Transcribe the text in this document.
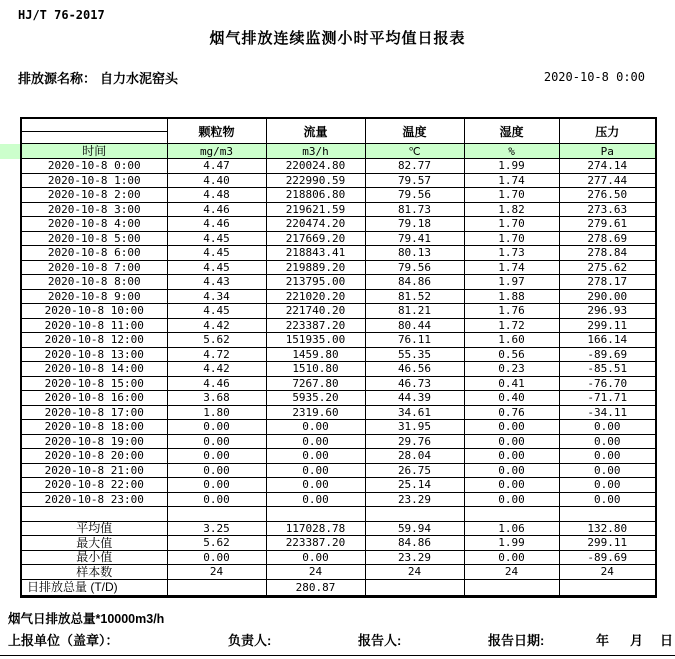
HJ/T 76-2017
烟气排放连续监测小时平均值日报表
排放源名称： 自力水泥窑头	2020-10-8 0:00
	颗粒物	流量	温度	湿度	压力
时间	mg/m3	m3/h	℃	%	Pa
2020-10-8 0:00	4.47	220024.80	82.77	1.99	274.14
2020-10-8 1:00	4.40	222990.59	79.57	1.74	277.44
2020-10-8 2:00	4.48	218806.80	79.56	1.70	276.50
2020-10-8 3:00	4.46	219621.59	81.73	1.82	273.63
2020-10-8 4:00	4.46	220474.20	79.18	1.70	279.61
2020-10-8 5:00	4.45	217669.20	79.41	1.70	278.69
2020-10-8 6:00	4.45	218843.41	80.13	1.73	278.84
2020-10-8 7:00	4.45	219889.20	79.56	1.74	275.62
2020-10-8 8:00	4.43	213795.00	84.86	1.97	278.17
2020-10-8 9:00	4.34	221020.20	81.52	1.88	290.00
2020-10-8 10:00	4.45	221740.20	81.21	1.76	296.93
2020-10-8 11:00	4.42	223387.20	80.44	1.72	299.11
2020-10-8 12:00	5.62	151935.00	76.11	1.60	166.14
2020-10-8 13:00	4.72	1459.80	55.35	0.56	-89.69
2020-10-8 14:00	4.42	1510.80	46.56	0.23	-85.51
2020-10-8 15:00	4.46	7267.80	46.73	0.41	-76.70
2020-10-8 16:00	3.68	5935.20	44.39	0.40	-71.71
2020-10-8 17:00	1.80	2319.60	34.61	0.76	-34.11
2020-10-8 18:00	0.00	0.00	31.95	0.00	0.00
2020-10-8 19:00	0.00	0.00	29.76	0.00	0.00
2020-10-8 20:00	0.00	0.00	28.04	0.00	0.00
2020-10-8 21:00	0.00	0.00	26.75	0.00	0.00
2020-10-8 22:00	0.00	0.00	25.14	0.00	0.00
2020-10-8 23:00	0.00	0.00	23.29	0.00	0.00

平均值	3.25	117028.78	59.94	1.06	132.80
最大值	5.62	223387.20	84.86	1.99	299.11
最小值	0.00	0.00	23.29	0.00	-89.69
样本数	24	24	24	24	24
日排放总量 (T/D)		280.87			
烟气日排放总量*10000m3/h
上报单位（盖章）：	负责人:	报告人:	报告日期:	年 月 日
